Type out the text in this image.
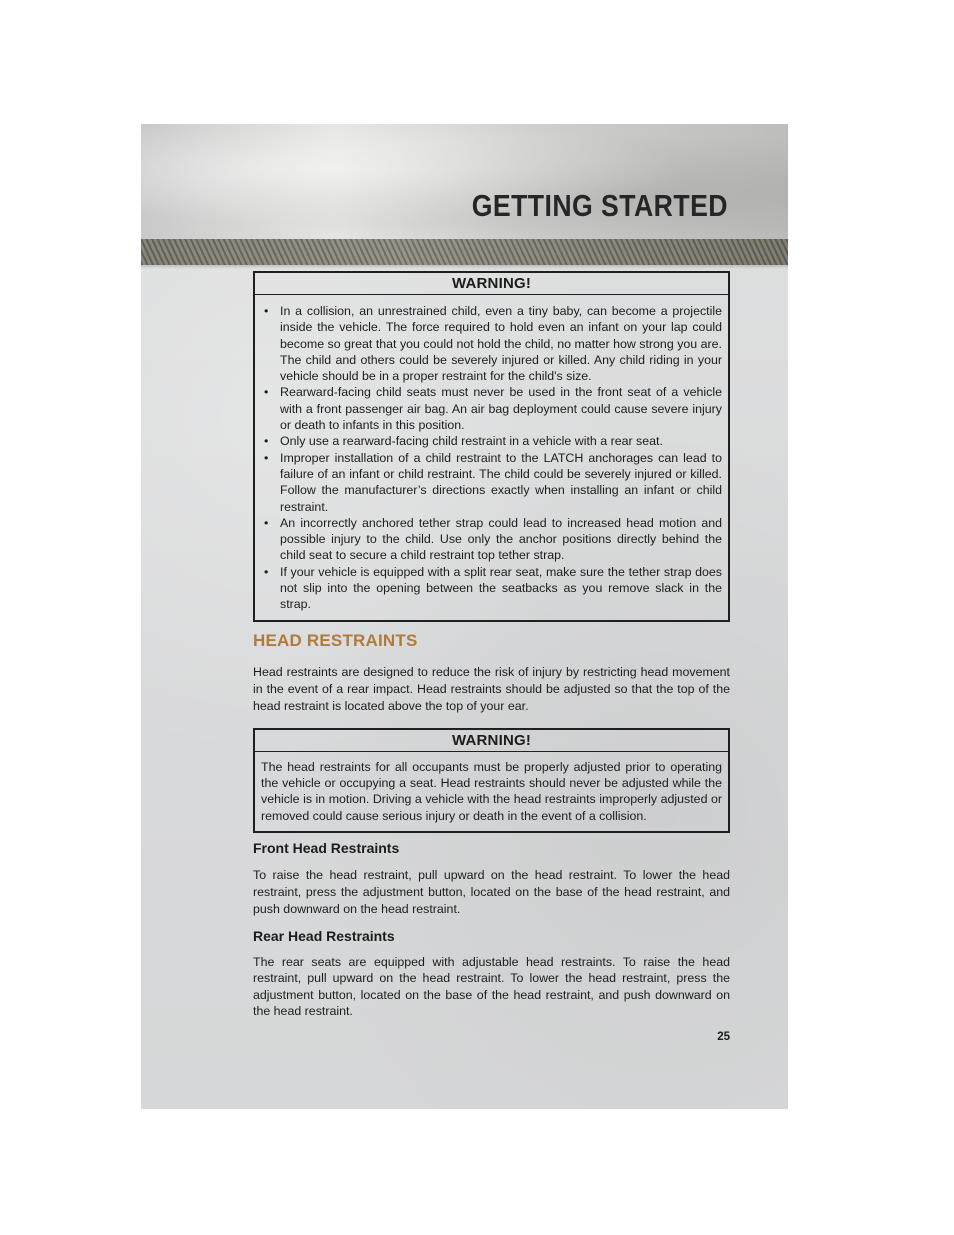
GETTING STARTED
WARNING!
• In a collision, an unrestrained child, even a tiny baby, can become a projectile inside the vehicle. The force required to hold even an infant on your lap could become so great that you could not hold the child, no matter how strong you are. The child and others could be severely injured or killed. Any child riding in your vehicle should be in a proper restraint for the child's size.
• Rearward-facing child seats must never be used in the front seat of a vehicle with a front passenger air bag. An air bag deployment could cause severe injury or death to infants in this position.
• Only use a rearward-facing child restraint in a vehicle with a rear seat.
• Improper installation of a child restraint to the LATCH anchorages can lead to failure of an infant or child restraint. The child could be severely injured or killed. Follow the manufacturer’s directions exactly when installing an infant or child restraint.
• An incorrectly anchored tether strap could lead to increased head motion and possible injury to the child. Use only the anchor positions directly behind the child seat to secure a child restraint top tether strap.
• If your vehicle is equipped with a split rear seat, make sure the tether strap does not slip into the opening between the seatbacks as you remove slack in the strap.
HEAD RESTRAINTS
Head restraints are designed to reduce the risk of injury by restricting head movement in the event of a rear impact. Head restraints should be adjusted so that the top of the head restraint is located above the top of your ear.
WARNING!
The head restraints for all occupants must be properly adjusted prior to operating the vehicle or occupying a seat. Head restraints should never be adjusted while the vehicle is in motion. Driving a vehicle with the head restraints improperly adjusted or removed could cause serious injury or death in the event of a collision.
Front Head Restraints
To raise the head restraint, pull upward on the head restraint. To lower the head restraint, press the adjustment button, located on the base of the head restraint, and push downward on the head restraint.
Rear Head Restraints
The rear seats are equipped with adjustable head restraints. To raise the head restraint, pull upward on the head restraint. To lower the head restraint, press the adjustment button, located on the base of the head restraint, and push downward on the head restraint.
25
